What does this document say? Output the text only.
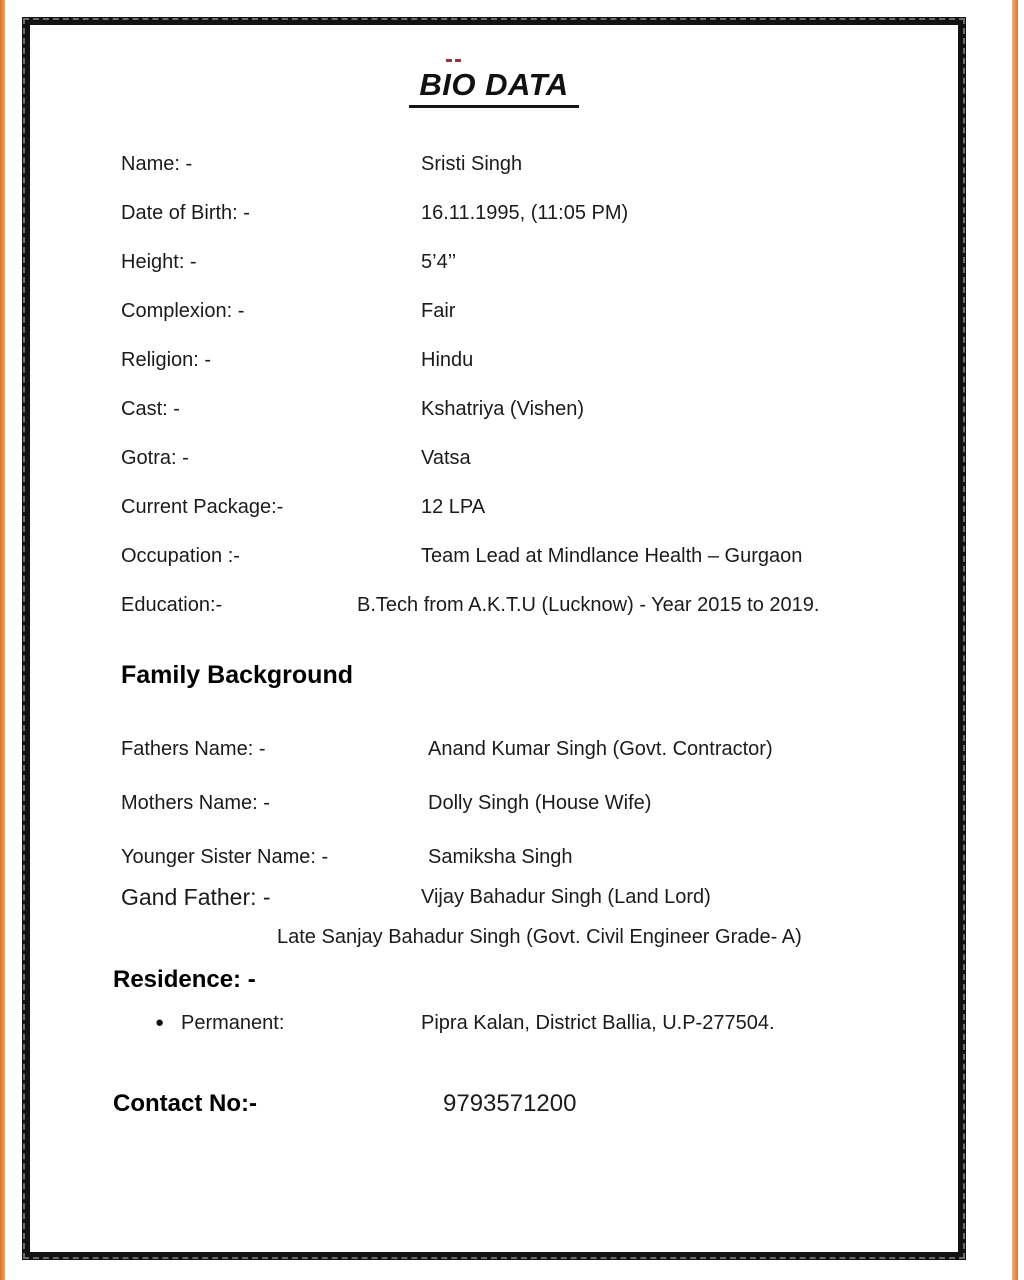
BIO DATA
Name: -	Sristi Singh
Date of Birth: -	16.11.1995, (11:05 PM)
Height: -	5’4’’
Complexion: -	Fair
Religion: -	Hindu
Cast: -	Kshatriya (Vishen)
Gotra: -	Vatsa
Current Package:-	12 LPA
Occupation :-	Team Lead at Mindlance Health – Gurgaon
Education:-	B.Tech from A.K.T.U (Lucknow) - Year 2015 to 2019.
Family Background
Fathers Name: -	Anand Kumar Singh (Govt. Contractor)
Mothers Name: -	Dolly Singh (House Wife)
Younger Sister Name: -	Samiksha Singh
Gand Father: -	Vijay Bahadur Singh (Land Lord)
Late Sanjay Bahadur Singh (Govt. Civil Engineer Grade- A)
Residence: -
● Permanent:	Pipra Kalan, District Ballia, U.P-277504.
Contact No:-	9793571200
